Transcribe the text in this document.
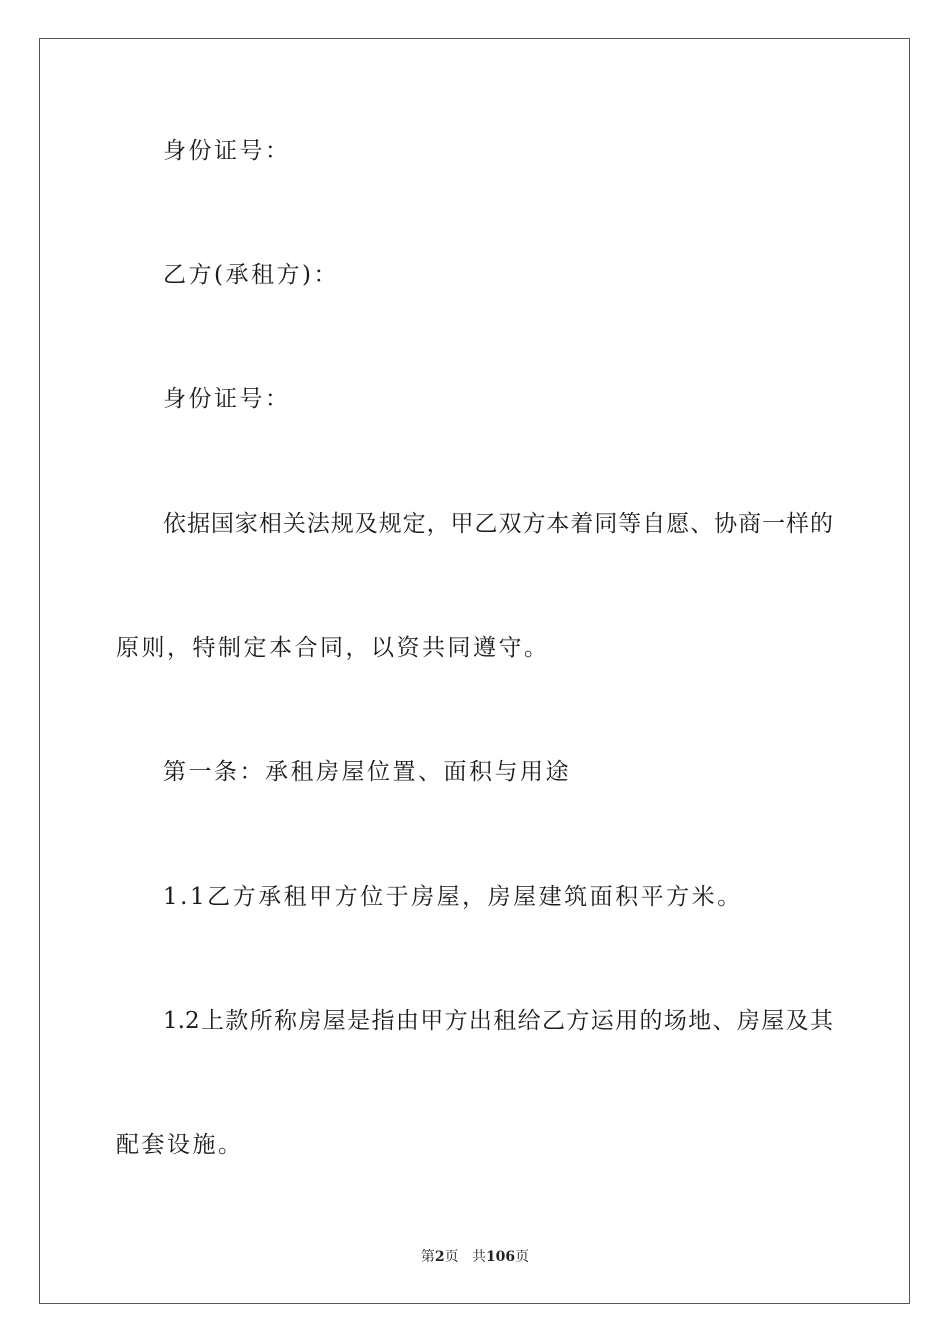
身份证号：
乙方(承租方)：
身份证号：
依据国家相关法规及规定，甲乙双方本着同等自愿、协商一样的
原则，特制定本合同，以资共同遵守。
第一条：承租房屋位置、面积与用途
1.1乙方承租甲方位于房屋，房屋建筑面积平方米。
1.2上款所称房屋是指由甲方出租给乙方运用的场地、房屋及其
配套设施。
第2页 共106页
